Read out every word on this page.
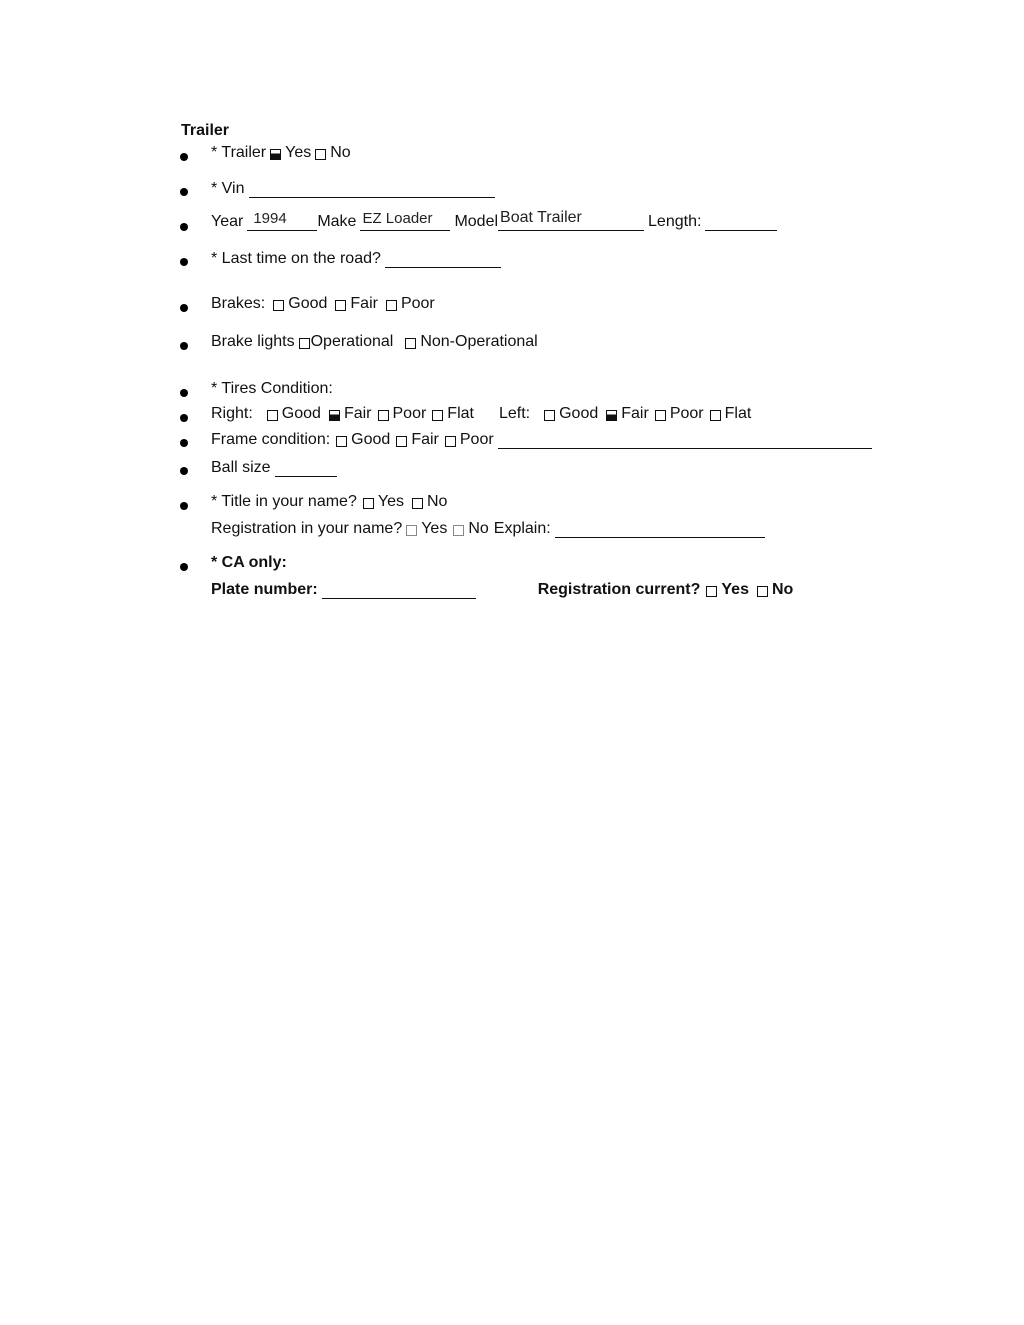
Trailer
* Trailer Yes No
* Vin
Year 1994 Make EZ Loader Model Boat Trailer	Length:
* Last time on the road?
Brakes: Good Fair Poor
Brake lights Operational Non-Operational
* Tires Condition:
Right: Good Fair Poor Flat Left: Good Fair Poor Flat
Frame condition: Good Fair Poor
Ball size
* Title in your name? Yes No
Registration in your name? Yes No Explain:
* CA only:
Plate number:	Registration current? Yes No
